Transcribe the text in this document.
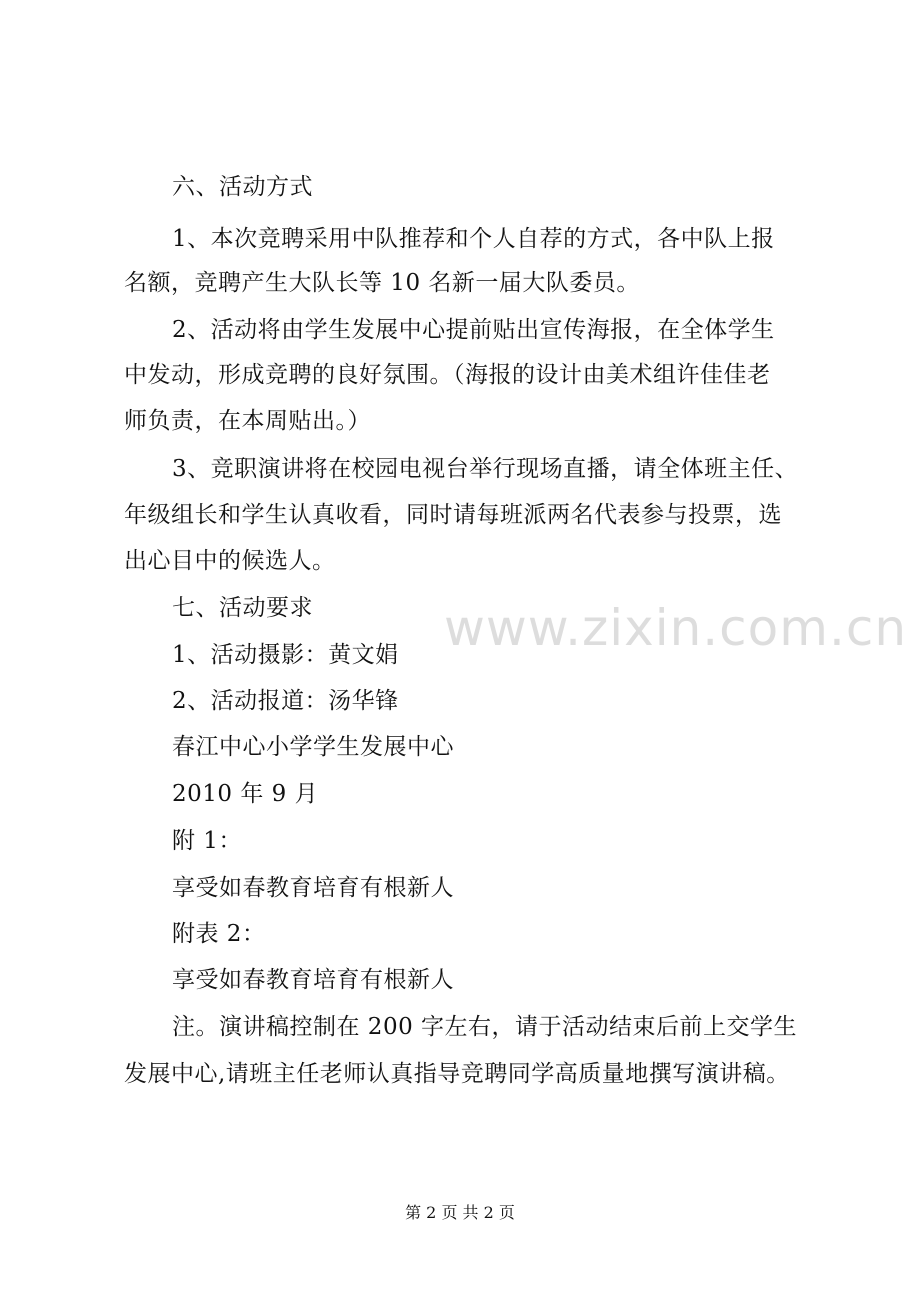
六、活动方式
1、本次竞聘采用中队推荐和个人自荐的方式，各中队上报
名额，竞聘产生大队长等 10 名新一届大队委员。
2、活动将由学生发展中心提前贴出宣传海报，在全体学生
中发动，形成竞聘的良好氛围。（海报的设计由美术组许佳佳老
师负责，在本周贴出。）
3、竞职演讲将在校园电视台举行现场直播，请全体班主任、
年级组长和学生认真收看，同时请每班派两名代表参与投票，选
出心目中的候选人。
七、活动要求
1、活动摄影：黄文娟
2、活动报道：汤华锋
春江中心小学学生发展中心
2010 年 9 月
附 1：
享受如春教育培育有根新人
附表 2：
享受如春教育培育有根新人
注。演讲稿控制在 200 字左右，请于活动结束后前上交学生
发展中心,请班主任老师认真指导竞聘同学高质量地撰写演讲稿。
www.zixin.com.cn
第 2 页 共 2 页
